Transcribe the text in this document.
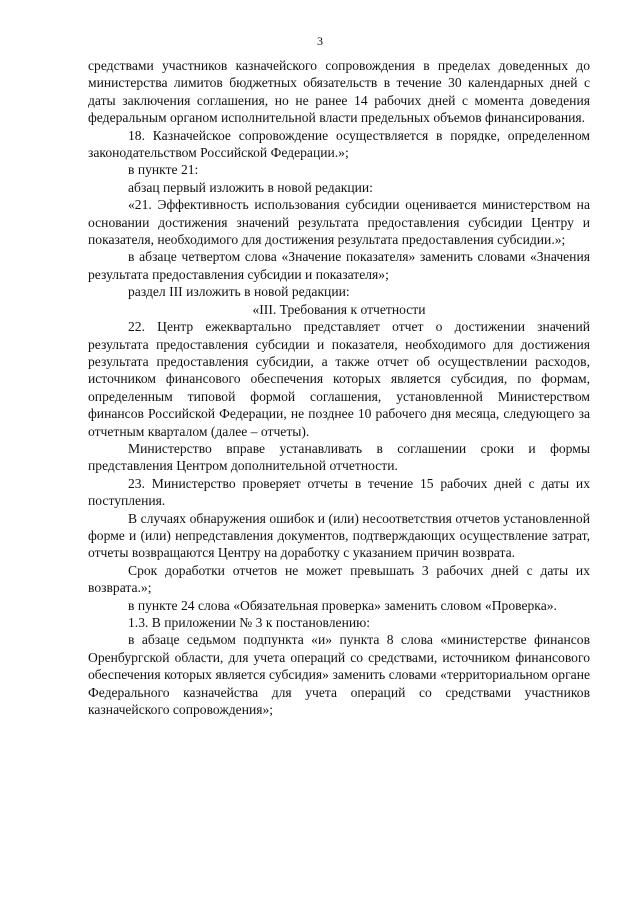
3

средствами участников казначейского сопровождения в пределах доведенных до министерства лимитов бюджетных обязательств в течение 30 календарных дней с даты заключения соглашения, но не ранее 14 рабочих дней с момента доведения федеральным органом исполнительной власти предельных объемов финансирования.

18. Казначейское сопровождение осуществляется в порядке, определенном законодательством Российской Федерации.»;

в пункте 21:

абзац первый изложить в новой редакции:

«21. Эффективность использования субсидии оценивается министерством на основании достижения значений результата предоставления субсидии Центру и показателя, необходимого для достижения результата предоставления субсидии.»;

в абзаце четвертом слова «Значение показателя» заменить словами «Значения результата предоставления субсидии и показателя»;

раздел III изложить в новой редакции:

«III. Требования к отчетности

22. Центр ежеквартально представляет отчет о достижении значений результата предоставления субсидии и показателя, необходимого для достижения результата предоставления субсидии, а также отчет об осуществлении расходов, источником финансового обеспечения которых является субсидия, по формам, определенным типовой формой соглашения, установленной Министерством финансов Российской Федерации, не позднее 10 рабочего дня месяца, следующего за отчетным кварталом (далее – отчеты).

Министерство вправе устанавливать в соглашении сроки и формы представления Центром дополнительной отчетности.

23. Министерство проверяет отчеты в течение 15 рабочих дней с даты их поступления.

В случаях обнаружения ошибок и (или) несоответствия отчетов установленной форме и (или) непредставления документов, подтверждающих осуществление затрат, отчеты возвращаются Центру на доработку с указанием причин возврата.

Срок доработки отчетов не может превышать 3 рабочих дней с даты их возврата.»;

в пункте 24 слова «Обязательная проверка» заменить словом «Проверка».

1.3. В приложении № 3 к постановлению:

в абзаце седьмом подпункта «и» пункта 8 слова «министерстве финансов Оренбургской области, для учета операций со средствами, источником финансового обеспечения которых является субсидия» заменить словами «территориальном органе Федерального казначейства для учета операций со средствами участников казначейского сопровождения»;
